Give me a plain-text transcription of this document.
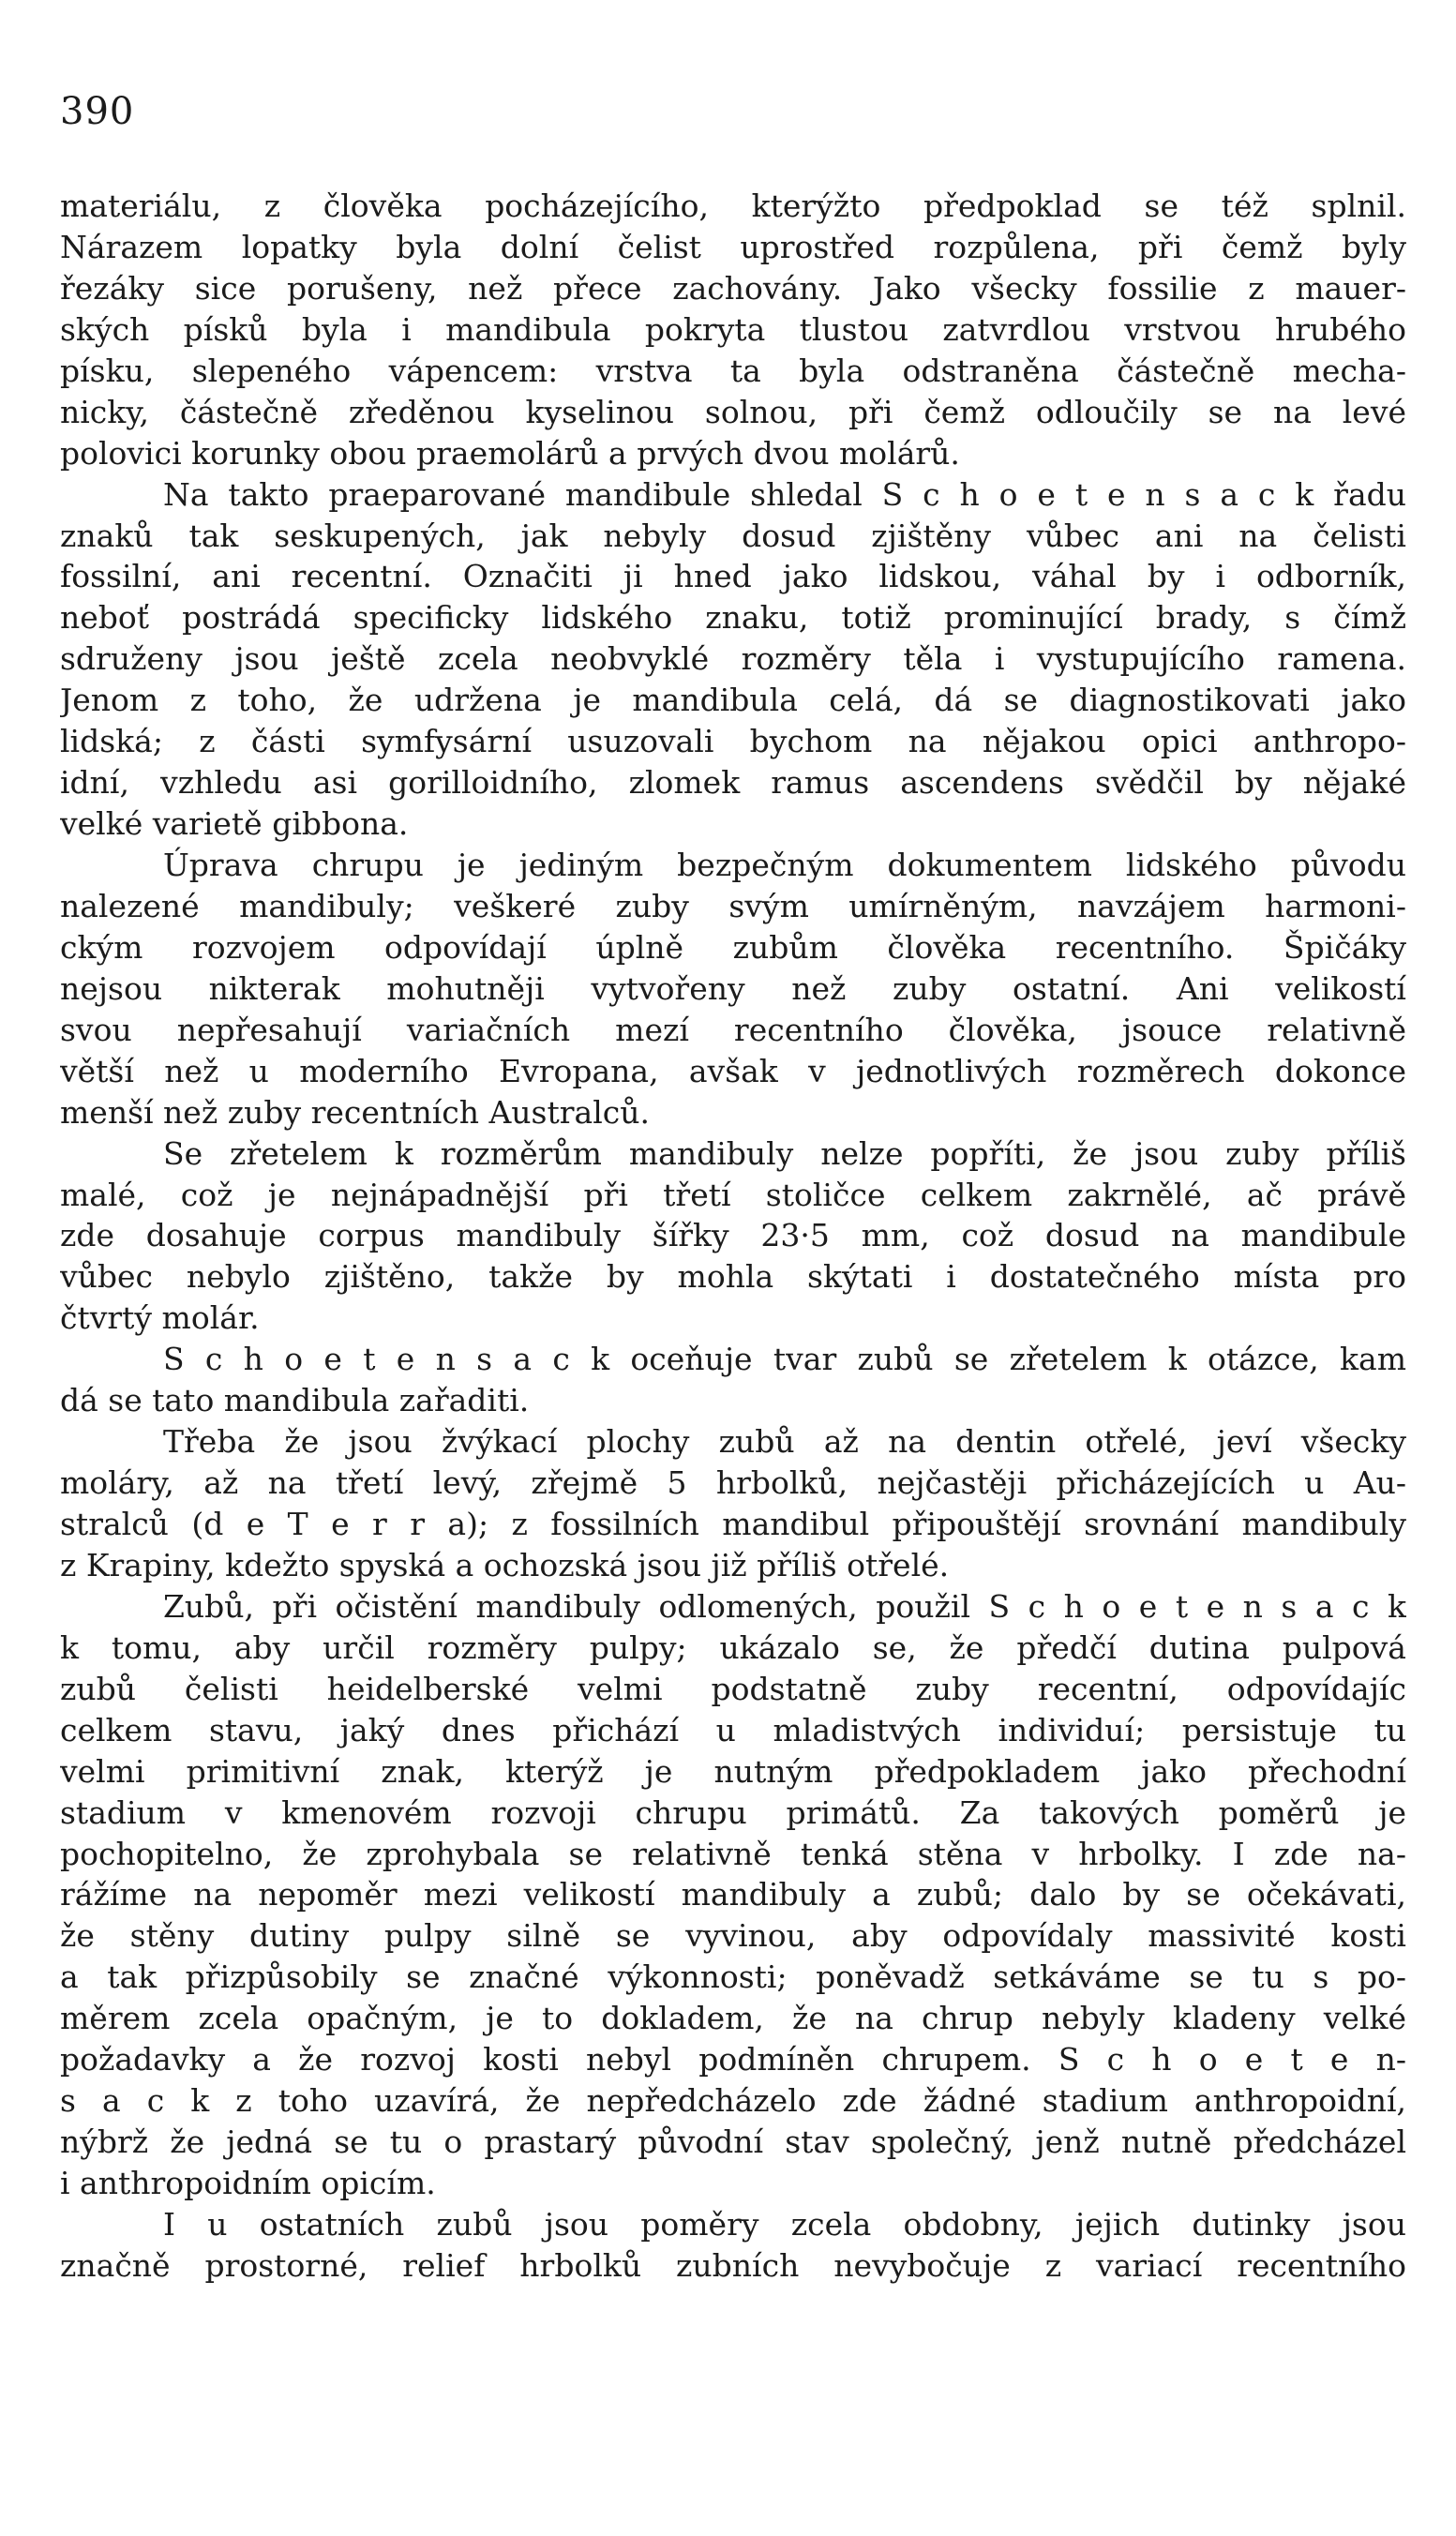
390
materiálu, z člověka pocházejícího, kterýžto předpoklad se též splnil.
Nárazem lopatky byla dolní čelist uprostřed rozpůlena, při čemž byly
řezáky sice porušeny, než přece zachovány. Jako všecky fossilie z mauer-
ských písků byla i mandibula pokryta tlustou zatvrdlou vrstvou hrubého
písku, slepeného vápencem: vrstva ta byla odstraněna částečně mecha-
nicky, částečně zředěnou kyselinou solnou, při čemž odloučily se na levé
polovici korunky obou praemolárů a prvých dvou molárů.
Na takto praeparované mandibule shledal S c h o e t e n s a c k řadu
znaků tak seskupených, jak nebyly dosud zjištěny vůbec ani na čelisti
fossilní, ani recentní. Označiti ji hned jako lidskou, váhal by i odborník,
neboť postrádá specificky lidského znaku, totiž prominující brady, s čímž
sdruženy jsou ještě zcela neobvyklé rozměry těla i vystupujícího ramena.
Jenom z toho, že udržena je mandibula celá, dá se diagnostikovati jako
lidská; z části symfysární usuzovali bychom na nějakou opici anthropo-
idní, vzhledu asi gorilloidního, zlomek ramus ascendens svědčil by nějaké
velké varietě gibbona.
Úprava chrupu je jediným bezpečným dokumentem lidského původu
nalezené mandibuly; veškeré zuby svým umírněným, navzájem harmoni-
ckým rozvojem odpovídají úplně zubům člověka recentního. Špičáky
nejsou nikterak mohutněji vytvořeny než zuby ostatní. Ani velikostí
svou nepřesahují variačních mezí recentního člověka, jsouce relativně
větší než u moderního Evropana, avšak v jednotlivých rozměrech dokonce
menší než zuby recentních Australců.
Se zřetelem k rozměrům mandibuly nelze popříti, že jsou zuby příliš
malé, což je nejnápadnější při třetí stoličce celkem zakrnělé, ač právě
zde dosahuje corpus mandibuly šířky 23·5 mm, což dosud na mandibule
vůbec nebylo zjištěno, takže by mohla skýtati i dostatečného místa pro
čtvrtý molár.
S c h o e t e n s a c k oceňuje tvar zubů se zřetelem k otázce, kam
dá se tato mandibula zařaditi.
Třeba že jsou žvýkací plochy zubů až na dentin otřelé, jeví všecky
moláry, až na třetí levý, zřejmě 5 hrbolků, nejčastěji přicházejících u Au-
stralců (d e T e r r a); z fossilních mandibul připouštějí srovnání mandibuly
z Krapiny, kdežto spyská a ochozská jsou již příliš otřelé.
Zubů, při očistění mandibuly odlomených, použil S c h o e t e n s a c k
k tomu, aby určil rozměry pulpy; ukázalo se, že předčí dutina pulpová
zubů čelisti heidelberské velmi podstatně zuby recentní, odpovídajíc
celkem stavu, jaký dnes přichází u mladistvých individuí; persistuje tu
velmi primitivní znak, kterýž je nutným předpokladem jako přechodní
stadium v kmenovém rozvoji chrupu primátů. Za takových poměrů je
pochopitelno, že zprohybala se relativně tenká stěna v hrbolky. I zde na-
rážíme na nepoměr mezi velikostí mandibuly a zubů; dalo by se očekávati,
že stěny dutiny pulpy silně se vyvinou, aby odpovídaly massivité kosti
a tak přizpůsobily se značné výkonnosti; poněvadž setkáváme se tu s po-
měrem zcela opačným, je to dokladem, že na chrup nebyly kladeny velké
požadavky a že rozvoj kosti nebyl podmíněn chrupem. S c h o e t e n-
s a c k z toho uzavírá, že nepředcházelo zde žádné stadium anthropoidní,
nýbrž že jedná se tu o prastarý původní stav společný, jenž nutně předcházel
i anthropoidním opicím.
I u ostatních zubů jsou poměry zcela obdobny, jejich dutinky jsou
značně prostorné, relief hrbolků zubních nevybočuje z variací recentního
